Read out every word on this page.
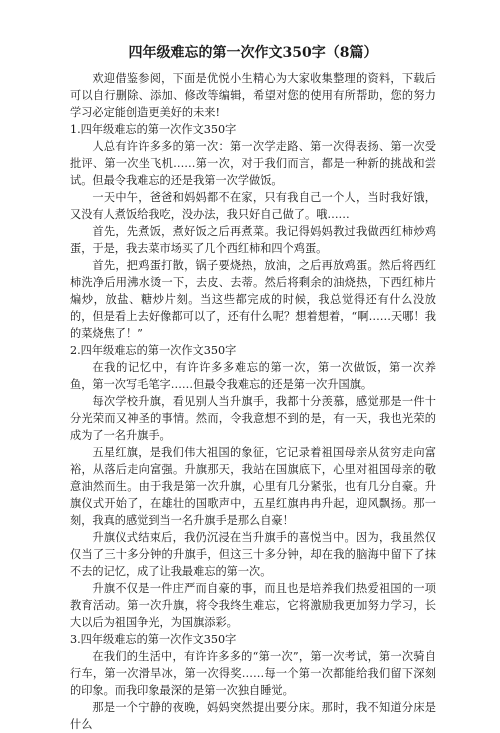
四年级难忘的第一次作文350字（8篇）

欢迎借鉴参阅，下面是优悦小生精心为大家收集整理的资料，下载后可以自行删除、添加、修改等编辑，希望对您的使用有所帮助，您的努力学习必定能创造更美好的未来!

1.四年级难忘的第一次作文350字

人总有许许多多的第一次：第一次学走路、第一次得表扬、第一次受批评、第一次坐飞机……第一次，对于我们而言，都是一种新的挑战和尝试。但最令我难忘的还是我第一次学做饭。

一天中午，爸爸和妈妈都不在家，只有我自己一个人，当时我好饿，又没有人煮饭给我吃，没办法，我只好自己做了。哦……

首先，先煮饭，煮好饭之后再煮菜。我记得妈妈教过我做西红柿炒鸡蛋，于是，我去菜市场买了几个西红柿和四个鸡蛋。

首先，把鸡蛋打散，锅子要烧热，放油，之后再放鸡蛋。然后将西红柿洗净后用沸水烫一下，去皮、去蒂。然后将剩余的油烧热，下西红柿片煸炒，放盐、糖炒片刻。当这些都完成的时候，我总觉得还有什么没放的，但是看上去好像都可以了，还有什么呢？想着想着，“啊……天哪！我的菜烧焦了！”

2.四年级难忘的第一次作文350字

在我的记忆中，有许许多多难忘的第一次，第一次做饭，第一次养鱼，第一次写毛笔字……但最令我难忘的还是第一次升国旗。

每次学校升旗，看见别人当升旗手，我都十分羡慕，感觉那是一件十分光荣而又神圣的事情。然而，令我意想不到的是，有一天，我也光荣的成为了一名升旗手。

五星红旗，是我们伟大祖国的象征，它记录着祖国母亲从贫穷走向富裕，从落后走向富强。升旗那天，我站在国旗底下，心里对祖国母亲的敬意油然而生。由于我是第一次升旗，心里有几分紧张，也有几分自豪。升旗仪式开始了，在雄壮的国歌声中，五星红旗冉冉升起，迎风飘扬。那一刻，我真的感觉到当一名升旗手是那么自豪！

升旗仪式结束后，我仍沉浸在当升旗手的喜悦当中。因为，我虽然仅仅当了三十多分钟的升旗手，但这三十多分钟，却在我的脑海中留下了抹不去的记忆，成了让我最难忘的第一次。

升旗不仅是一件庄严而自豪的事，而且也是培养我们热爱祖国的一项教育活动。第一次升旗，将令我终生难忘，它将激励我更加努力学习，长大以后为祖国争光，为国旗添彩。

3.四年级难忘的第一次作文350字

在我们的生活中，有许许多多的“第一次”，第一次考试，第一次骑自行车，第一次滑旱冰，第一次得奖……每一个第一次都能给我们留下深刻的印象。而我印象最深的是第一次独自睡觉。

那是一个宁静的夜晚，妈妈突然提出要分床。那时，我不知道分床是什么
